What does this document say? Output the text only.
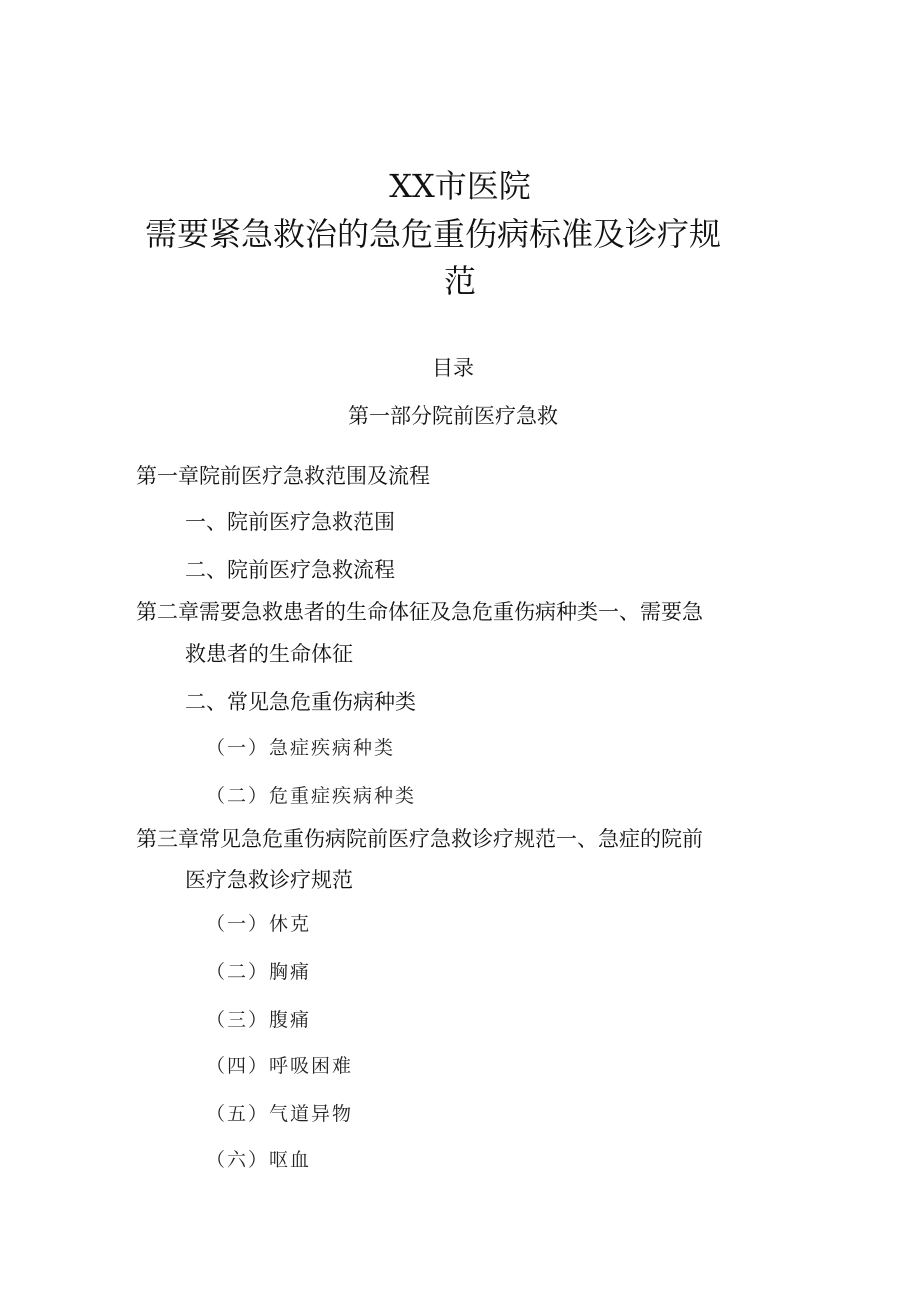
XX市医院
需要紧急救治的急危重伤病标准及诊疗规
范
目录
第一部分院前医疗急救
第一章院前医疗急救范围及流程
一、院前医疗急救范围
二、院前医疗急救流程
第二章需要急救患者的生命体征及急危重伤病种类一、需要急
救患者的生命体征
二、常见急危重伤病种类
（一）急症疾病种类
（二）危重症疾病种类
第三章常见急危重伤病院前医疗急救诊疗规范一、急症的院前
医疗急救诊疗规范
（一）休克
（二）胸痛
（三）腹痛
（四）呼吸困难
（五）气道异物
（六）呕血
